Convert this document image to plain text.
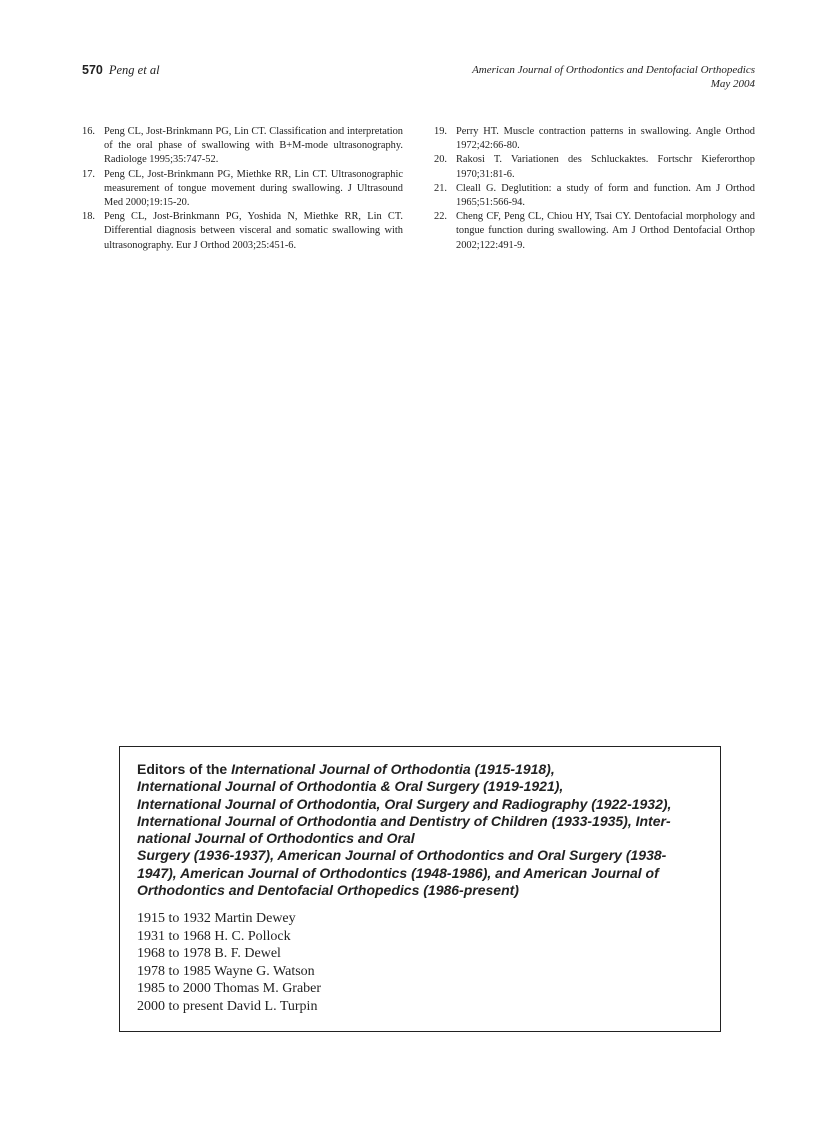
570 Peng et al	American Journal of Orthodontics and Dentofacial Orthopedics
May 2004
16. Peng CL, Jost-Brinkmann PG, Lin CT. Classification and interpretation of the oral phase of swallowing with B+M-mode ultrasonography. Radiologe 1995;35:747-52.
17. Peng CL, Jost-Brinkmann PG, Miethke RR, Lin CT. Ultrasonographic measurement of tongue movement during swallowing. J Ultrasound Med 2000;19:15-20.
18. Peng CL, Jost-Brinkmann PG, Yoshida N, Miethke RR, Lin CT. Differential diagnosis between visceral and somatic swallowing with ultrasonography. Eur J Orthod 2003;25:451-6.
19. Perry HT. Muscle contraction patterns in swallowing. Angle Orthod 1972;42:66-80.
20. Rakosi T. Variationen des Schluckaktes. Fortschr Kieferorthop 1970;31:81-6.
21. Cleall G. Deglutition: a study of form and function. Am J Orthod 1965;51:566-94.
22. Cheng CF, Peng CL, Chiou HY, Tsai CY. Dentofacial morphology and tongue function during swallowing. Am J Orthod Dentofacial Orthop 2002;122:491-9.
Editors of the International Journal of Orthodontia (1915-1918),
International Journal of Orthodontia & Oral Surgery (1919-1921),
International Journal of Orthodontia, Oral Surgery and Radiography (1922-1932),
International Journal of Orthodontia and Dentistry of Children (1933-1935), Inter-
national Journal of Orthodontics and Oral
Surgery (1936-1937), American Journal of Orthodontics and Oral Surgery (1938-
1947), American Journal of Orthodontics (1948-1986), and American Journal of
Orthodontics and Dentofacial Orthopedics (1986-present)
1915 to 1932 Martin Dewey
1931 to 1968 H. C. Pollock
1968 to 1978 B. F. Dewel
1978 to 1985 Wayne G. Watson
1985 to 2000 Thomas M. Graber
2000 to present David L. Turpin
